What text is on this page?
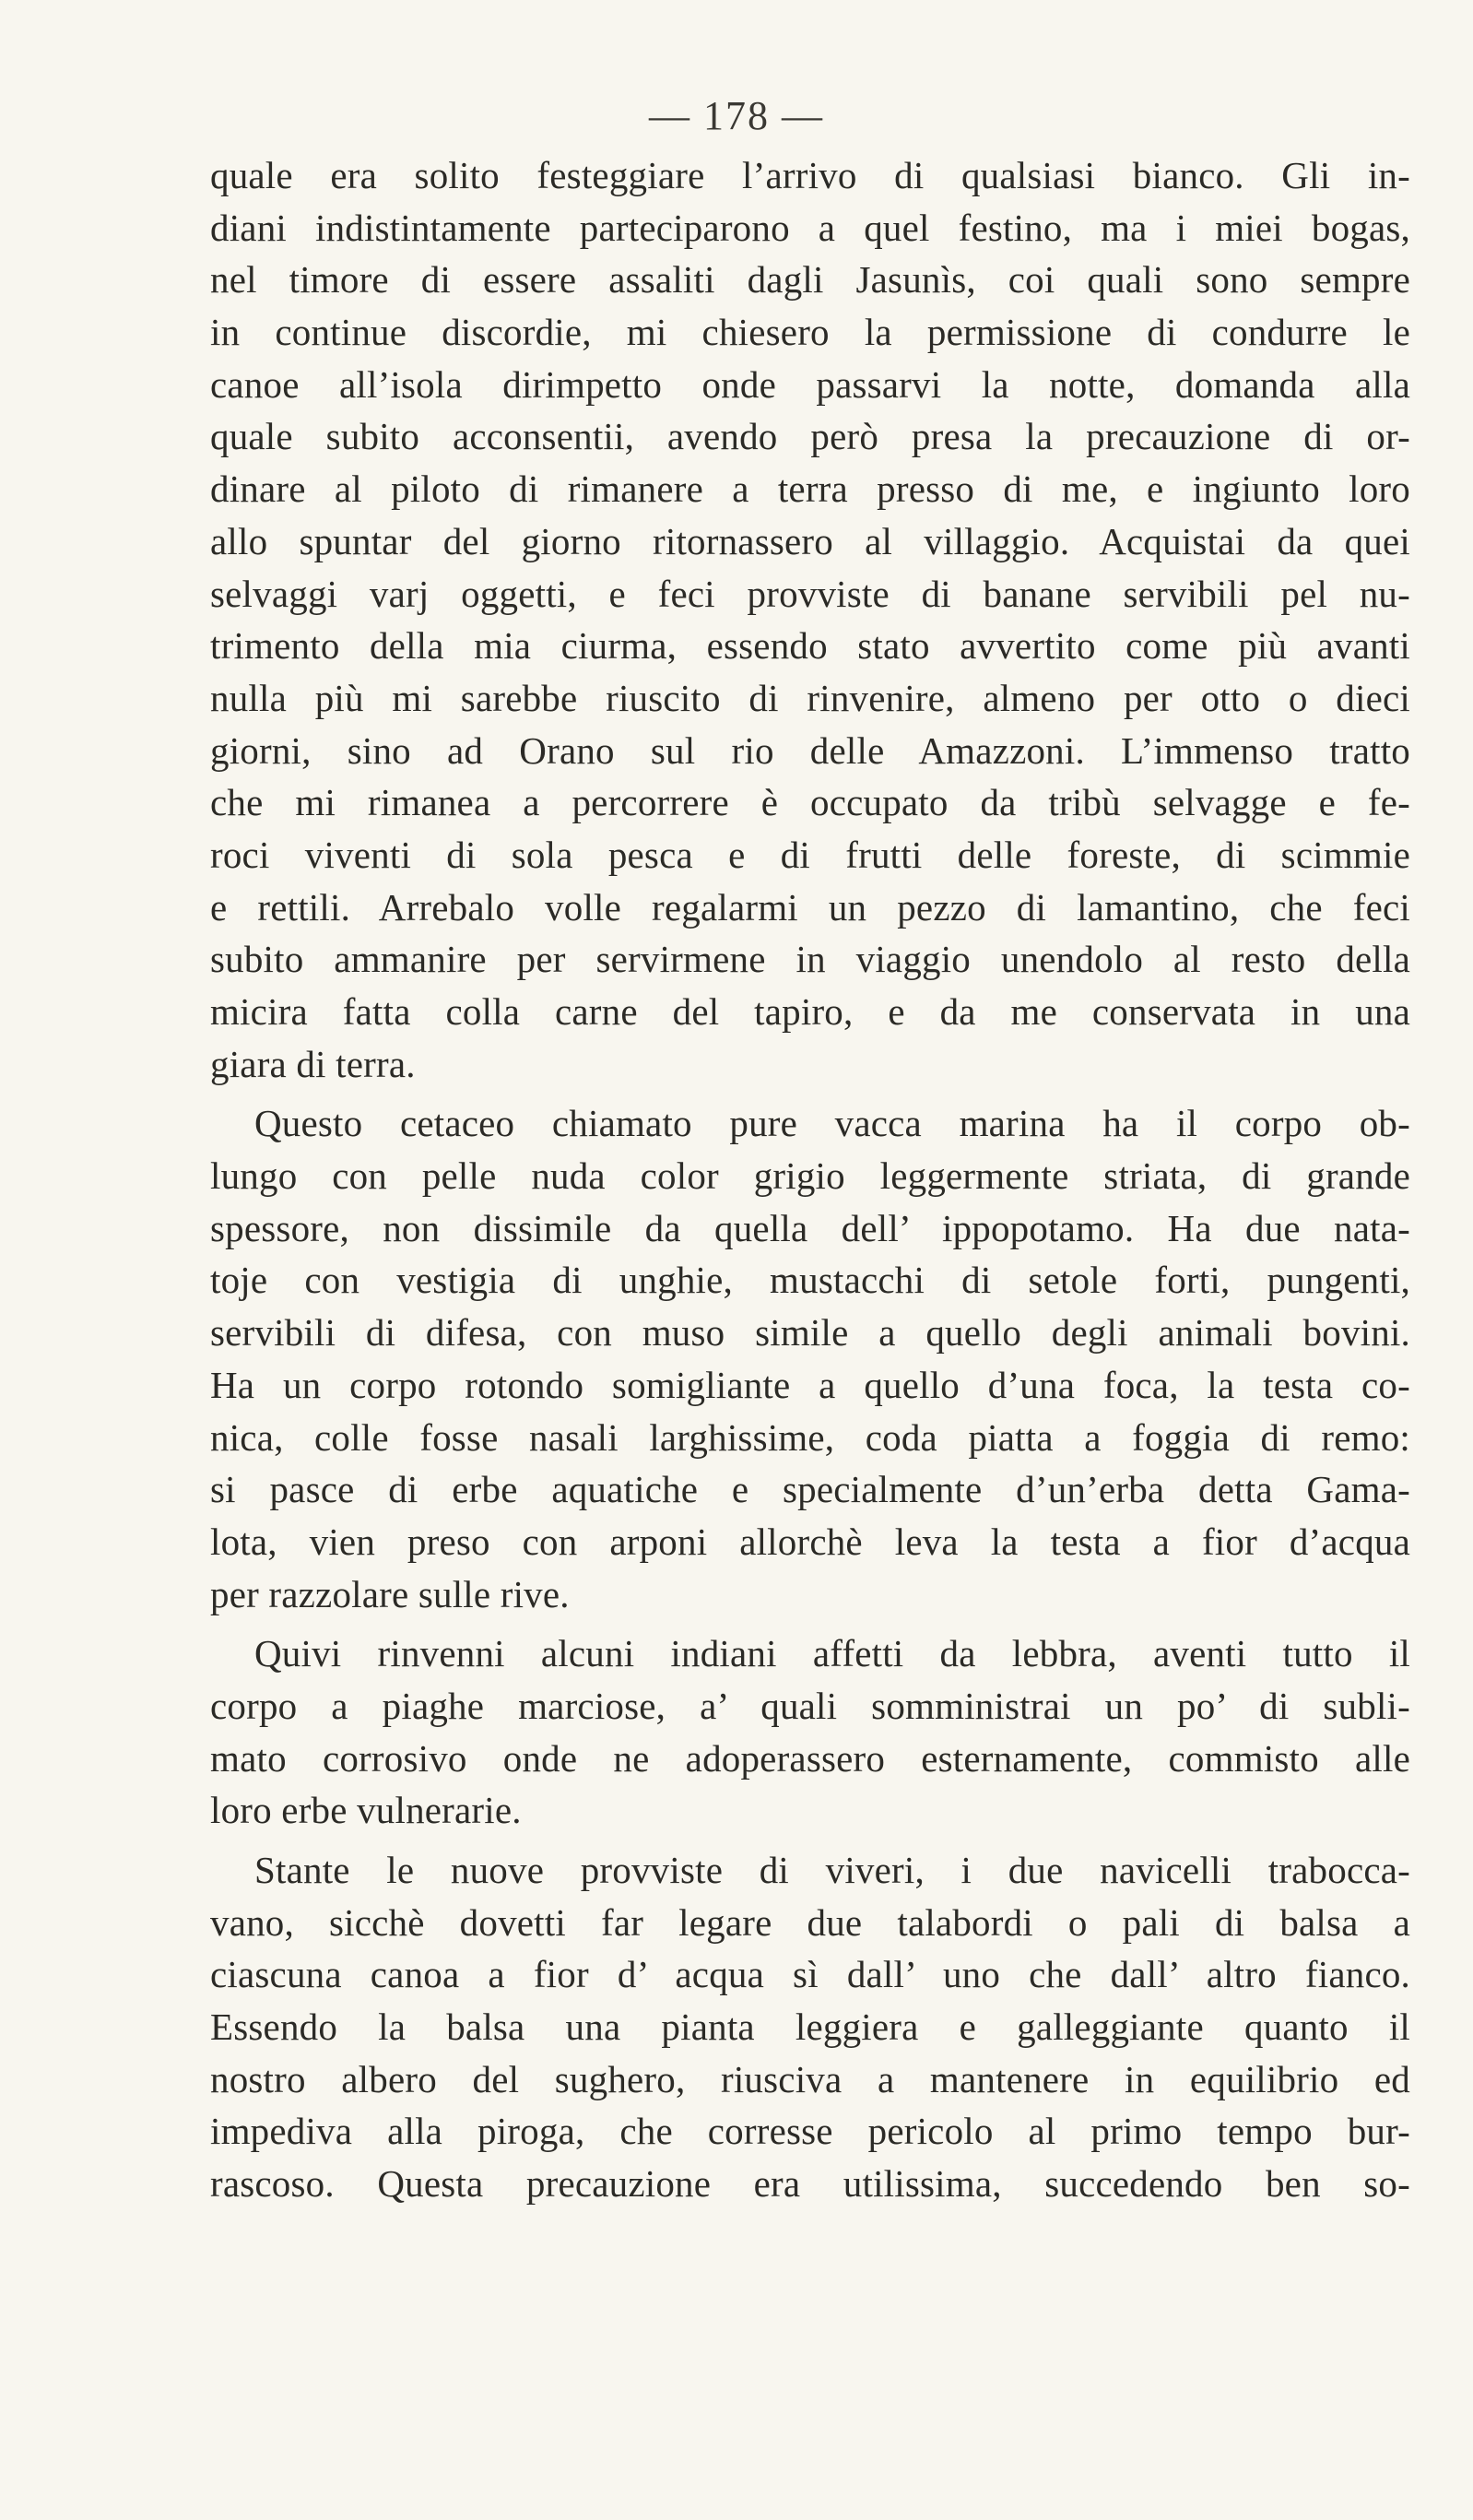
— 178 —
quale era solito festeggiare l’arrivo di qualsiasi bianco. Gli in-
diani indistintamente parteciparono a quel festino, ma i miei bogas,
nel timore di essere assaliti dagli Jasunìs, coi quali sono sempre
in continue discordie, mi chiesero la permissione di condurre le
canoe all’isola dirimpetto onde passarvi la notte, domanda alla
quale subito acconsentii, avendo però presa la precauzione di or-
dinare al piloto di rimanere a terra presso di me, e ingiunto loro
allo spuntar del giorno ritornassero al villaggio. Acquistai da quei
selvaggi varj oggetti, e feci provviste di banane servibili pel nu-
trimento della mia ciurma, essendo stato avvertito come più avanti
nulla più mi sarebbe riuscito di rinvenire, almeno per otto o dieci
giorni, sino ad Orano sul rio delle Amazzoni. L’immenso tratto
che mi rimanea a percorrere è occupato da tribù selvagge e fe-
roci viventi di sola pesca e di frutti delle foreste, di scimmie
e rettili. Arrebalo volle regalarmi un pezzo di lamantino, che feci
subito ammanire per servirmene in viaggio unendolo al resto della
micira fatta colla carne del tapiro, e da me conservata in una
giara di terra.
Questo cetaceo chiamato pure vacca marina ha il corpo ob-
lungo con pelle nuda color grigio leggermente striata, di grande
spessore, non dissimile da quella dell’ ippopotamo. Ha due nata-
toje con vestigia di unghie, mustacchi di setole forti, pungenti,
servibili di difesa, con muso simile a quello degli animali bovini.
Ha un corpo rotondo somigliante a quello d’una foca, la testa co-
nica, colle fosse nasali larghissime, coda piatta a foggia di remo:
si pasce di erbe aquatiche e specialmente d’un’erba detta Gama-
lota, vien preso con arponi allorchè leva la testa a fior d’acqua
per razzolare sulle rive.
Quivi rinvenni alcuni indiani affetti da lebbra, aventi tutto il
corpo a piaghe marciose, a’ quali somministrai un po’ di subli-
mato corrosivo onde ne adoperassero esternamente, commisto alle
loro erbe vulnerarie.
Stante le nuove provviste di viveri, i due navicelli trabocca-
vano, sicchè dovetti far legare due talabordi o pali di balsa a
ciascuna canoa a fior d’ acqua sì dall’ uno che dall’ altro fianco.
Essendo la balsa una pianta leggiera e galleggiante quanto il
nostro albero del sughero, riusciva a mantenere in equilibrio ed
impediva alla piroga, che corresse pericolo al primo tempo bur-
rascoso. Questa precauzione era utilissima, succedendo ben so-
